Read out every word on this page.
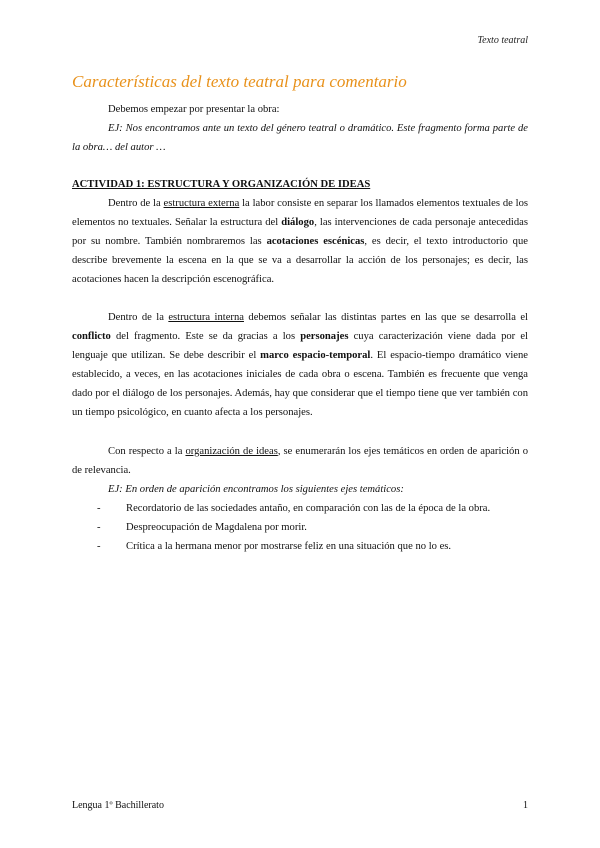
Texto teatral
Características del texto teatral para comentario
Debemos empezar por presentar la obra:
EJ: Nos encontramos ante un texto del género teatral o dramático. Este fragmento forma parte de la obra… del autor …
ACTIVIDAD 1: ESTRUCTURA Y ORGANIZACIÓN DE IDEAS
Dentro de la estructura externa la labor consiste en separar los llamados elementos textuales de los elementos no textuales. Señalar la estructura del diálogo, las intervenciones de cada personaje antecedidas por su nombre. También nombraremos las acotaciones escénicas, es decir, el texto introductorio que describe brevemente la escena en la que se va a desarrollar la acción de los personajes; es decir, las acotaciones hacen la descripción escenográfica.
Dentro de la estructura interna debemos señalar las distintas partes en las que se desarrolla el conflicto del fragmento. Este se da gracias a los personajes cuya caracterización viene dada por el lenguaje que utilizan. Se debe describir el marco espacio-temporal. El espacio-tiempo dramático viene establecido, a veces, en las acotaciones iniciales de cada obra o escena. También es frecuente que venga dado por el diálogo de los personajes. Además, hay que considerar que el tiempo tiene que ver también con un tiempo psicológico, en cuanto afecta a los personajes.
Con respecto a la organización de ideas, se enumerarán los ejes temáticos en orden de aparición o de relevancia.
EJ: En orden de aparición encontramos los siguientes ejes temáticos:
- Recordatorio de las sociedades antaño, en comparación con las de la época de la obra.
- Despreocupación de Magdalena por morir.
- Crítica a la hermana menor por mostrarse feliz en una situación que no lo es.
Lengua 1º Bachillerato	1
